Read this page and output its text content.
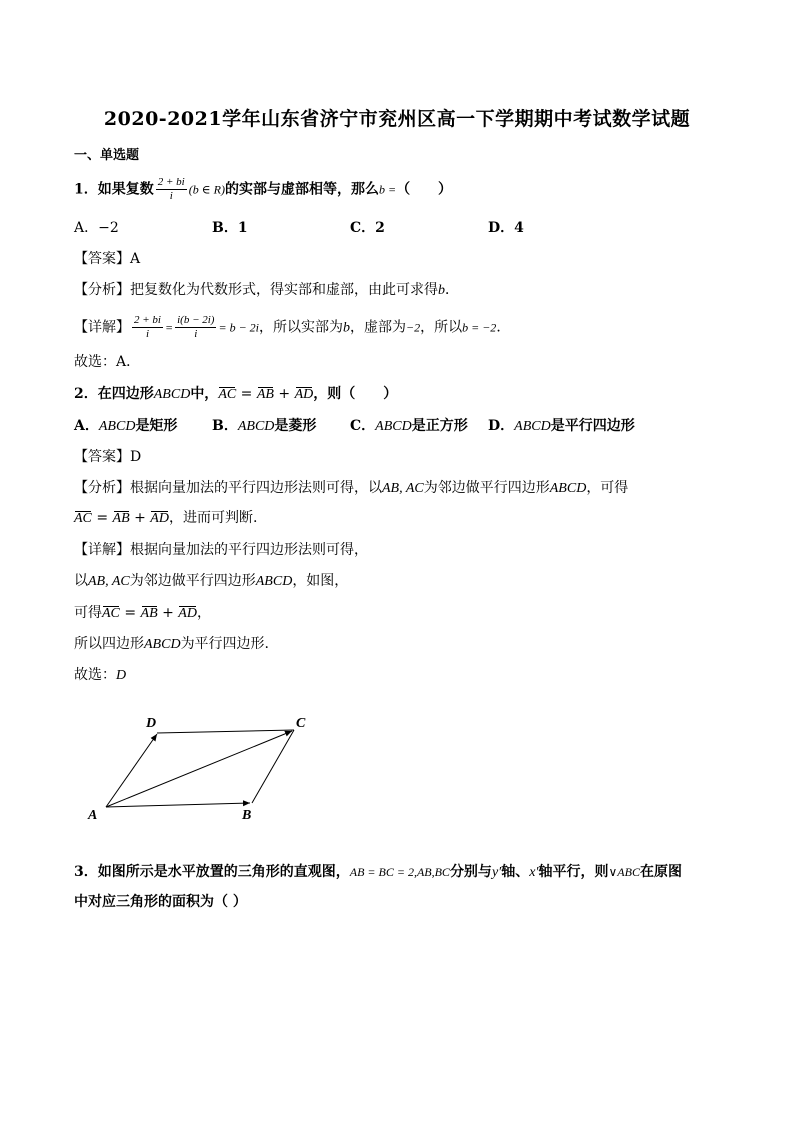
2020-2021学年山东省济宁市兖州区高一下学期期中考试数学试题
一、单选题
1．如果复数 $\frac{2 + bi}{i} (b$ ∈ R)的实部与虚部相等，那么b =（　　）
A．−2	B．1	C．2	D．4
【答案】A
【分析】把复数化为代数形式，得实部和虚部，由此可求得b．
【详解】 $\frac{2 + bi}{i} = \frac{i(b - 2i)}{i} = b - 2i$，所以实部为b，虚部为−2，所以b = −2．
故选：A．
2．在四边形ABCD中，AC = AB + AD，则（　　）
A．ABCD是矩形 B．ABCD是菱形 C．ABCD是正方形 D．ABCD是平行四边形
【答案】D
【分析】根据向量加法的平行四边形法则可得，以AB, AC为邻边做平行四边形ABCD，可得
AC = AB + AD，进而可判断.
【详解】根据向量加法的平行四边形法则可得，
以AB, AC为邻边做平行四边形ABCD，如图，
可得AC = AB + AD，
所以四边形ABCD为平行四边形.
故选：D
D	C
A	B
3．如图所示是水平放置的三角形的直观图，AB = BC = 2,AB,BC分别与y′轴、x′轴平行，则∨ABC在原图
中对应三角形的面积为（ ）
